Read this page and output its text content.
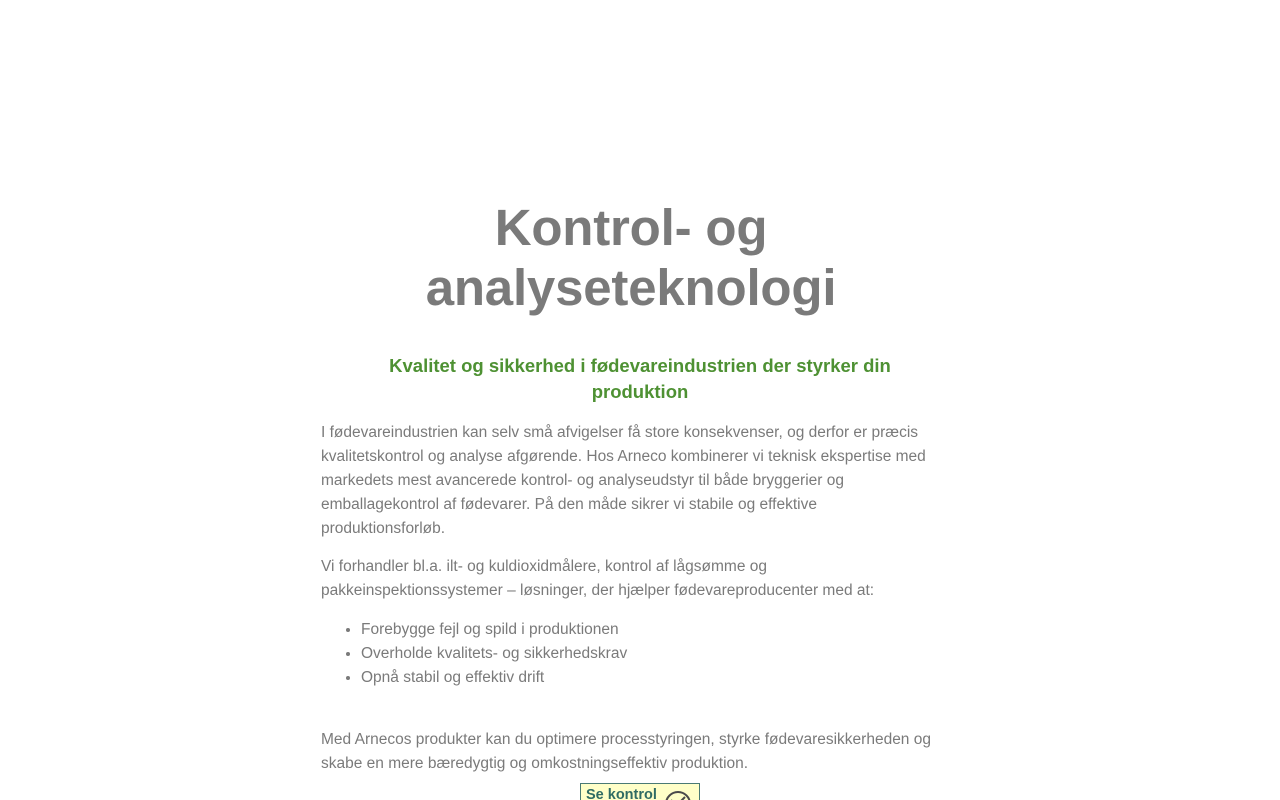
Kontrol- og analyseteknologi
Kvalitet og sikkerhed i fødevareindustrien der styrker din produktion

I fødevareindustrien kan selv små afvigelser få store konsekvenser, og derfor er præcis kvalitetskontrol og analyse afgørende. Hos Arneco kombinerer vi teknisk ekspertise med markedets mest avancerede kontrol- og analyseudstyr til både bryggerier og emballagekontrol af fødevarer. På den måde sikrer vi stabile og effektive produktionsforløb.

Vi forhandler bl.a. ilt- og kuldioxidmålere, kontrol af lågsømme og pakkeinspektionssystemer – løsninger, der hjælper fødevareproducenter med at:

• Forebygge fejl og spild i produktionen
• Overholde kvalitets- og sikkerhedskrav
• Opnå stabil og effektiv drift

Med Arnecos produkter kan du optimere processtyringen, styrke fødevaresikkerheden og skabe en mere bæredygtig og omkostningseffektiv produktion.

Se kontrol
